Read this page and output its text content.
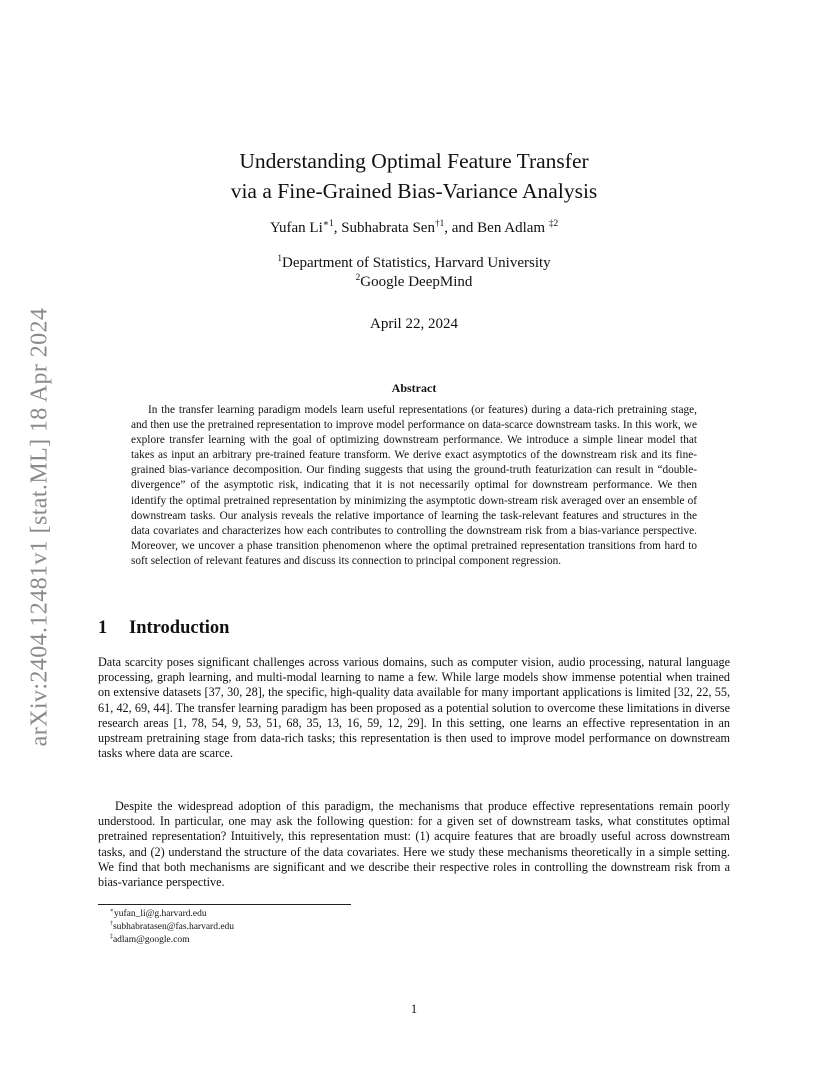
arXiv:2404.12481v1 [stat.ML] 18 Apr 2024
Understanding Optimal Feature Transfer
via a Fine-Grained Bias-Variance Analysis
Yufan $Li^{∗1}$, Subhabrata Sen$^{\dagger 1}$, and Ben Adlam $^{\ddagger 2}$
$^1$Department of Statistics, Harvard University
$^2$Google DeepMind
April 22, 2024
Abstract

In the transfer learning paradigm models learn useful representations (or features) during a data-rich pretraining stage, and then use the pretrained representation to improve model performance on data-scarce downstream tasks. In this work, we explore transfer learning with the goal of optimizing downstream performance. We introduce a simple linear model that takes as input an arbitrary pre-trained feature transform. We derive exact asymptotics of the downstream risk and its fine-grained bias-variance decomposition. Our finding suggests that using the ground-truth featurization can result in “double-divergence” of the asymptotic risk, indicating that it is not necessarily optimal for downstream performance. We then identify the optimal pretrained representation by minimizing the asymptotic down-stream risk averaged over an ensemble of downstream tasks. Our analysis reveals the relative importance of learning the task-relevant features and structures in the data covariates and characterizes how each contributes to controlling the downstream risk from a bias-variance perspective. Moreover, we uncover a phase transition phenomenon where the optimal pretrained representation transitions from hard to soft selection of relevant features and discuss its connection to principal component regression.

1 Introduction

Data scarcity poses significant challenges across various domains, such as computer vision, audio processing, natural language processing, graph learning, and multi-modal learning to name a few. While large models show immense potential when trained on extensive datasets [37, 30, 28], the specific, high-quality data available for many important applications is limited [32, 22, 55, 61, 42, 69, 44]. The transfer learning paradigm has been proposed as a potential solution to overcome these limitations in diverse research areas [1, 78, 54, 9, 53, 51, 68, 35, 13, 16, 59, 12, 29]. In this setting, one learns an effective representation in an upstream pretraining stage from data-rich tasks; this representation is then used to improve model performance on downstream tasks where data are scarce.

Despite the widespread adoption of this paradigm, the mechanisms that produce effective representations remain poorly understood. In particular, one may ask the following question: for a given set of downstream tasks, what constitutes optimal pretrained representation? Intuitively, this representation must: (1) acquire features that are broadly useful across downstream tasks, and (2) understand the structure of the data covariates. Here we study these mechanisms theoretically in a simple setting. We find that both mechanisms are significant and we describe their respective roles in controlling the downstream risk from a bias-variance perspective.

∗yufan_li@g.harvard.edu
†subhabratasen@fas.harvard.edu
‡adlam@google.com
1
